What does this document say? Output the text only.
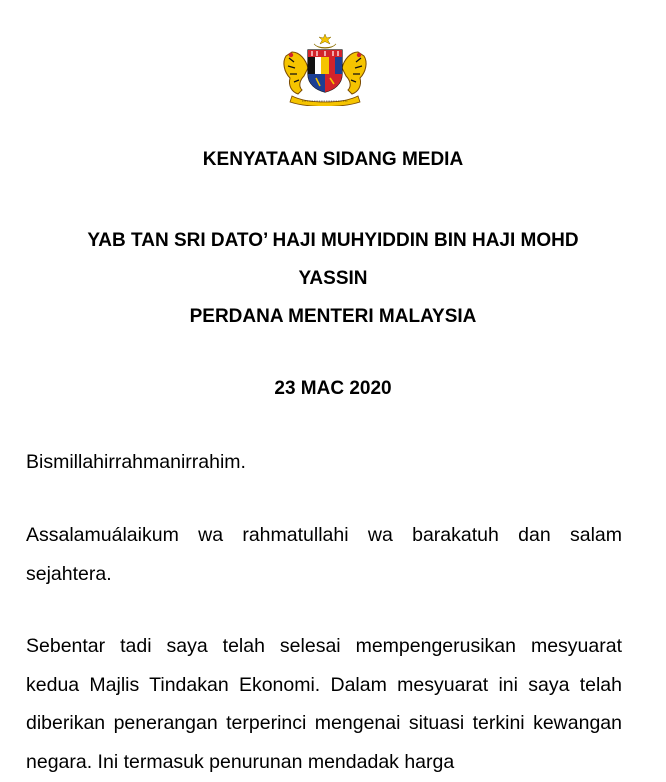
KENYATAAN SIDANG MEDIA

YAB TAN SRI DATO’ HAJI MUHYIDDIN BIN HAJI MOHD
YASSIN
PERDANA MENTERI MALAYSIA

23 MAC 2020

Bismillahirrahmanirrahim.

Assalamuálaikum wa rahmatullahi wa barakatuh dan salam sejahtera.

Sebentar tadi saya telah selesai mempengerusikan mesyuarat kedua Majlis Tindakan Ekonomi. Dalam mesyuarat ini saya telah diberikan penerangan terperinci mengenai situasi terkini kewangan negara. Ini termasuk penurunan mendadak harga
